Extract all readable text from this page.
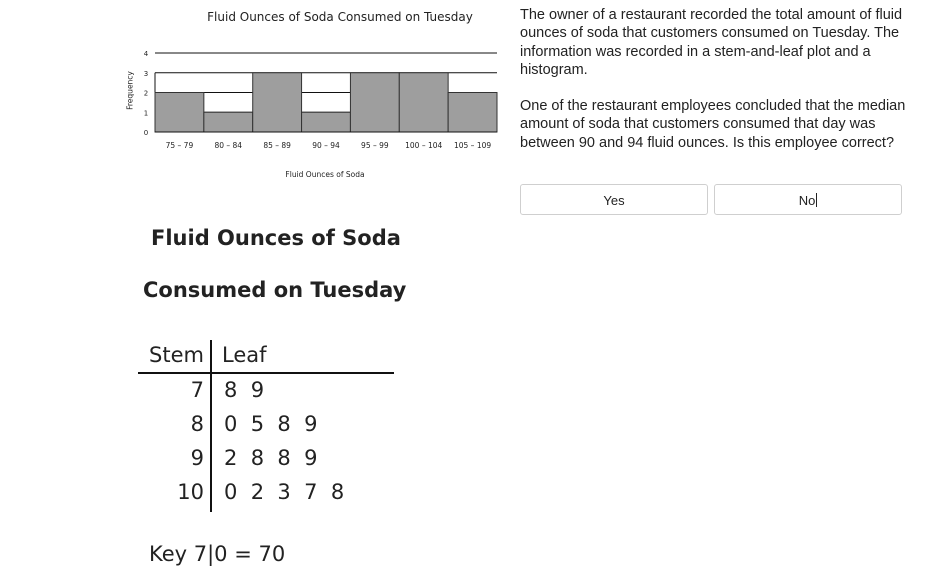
0
1
2
3
4
75 – 79	80 – 84	85 – 89	90 – 94	95 – 99 100 – 104 105 – 109
Fluid Ounces of Soda Consumed on Tuesday
Frequency
Fluid Ounces of Soda
Fluid Ounces of Soda
Consumed on Tuesday
Stem Leaf
7 8  9
8 0  5  8  9
9 2  8  8  9
10 0  2  3  7  8
Key 7|0 = 70

The owner of a restaurant recorded the total amount of fluid ounces of soda that customers consumed on Tuesday. The information was recorded in a stem-and-leaf plot and a histogram.

One of the restaurant employees concluded that the median amount of soda that customers consumed that day was between 90 and 94 fluid ounces. Is this employee correct?

Yes	No
